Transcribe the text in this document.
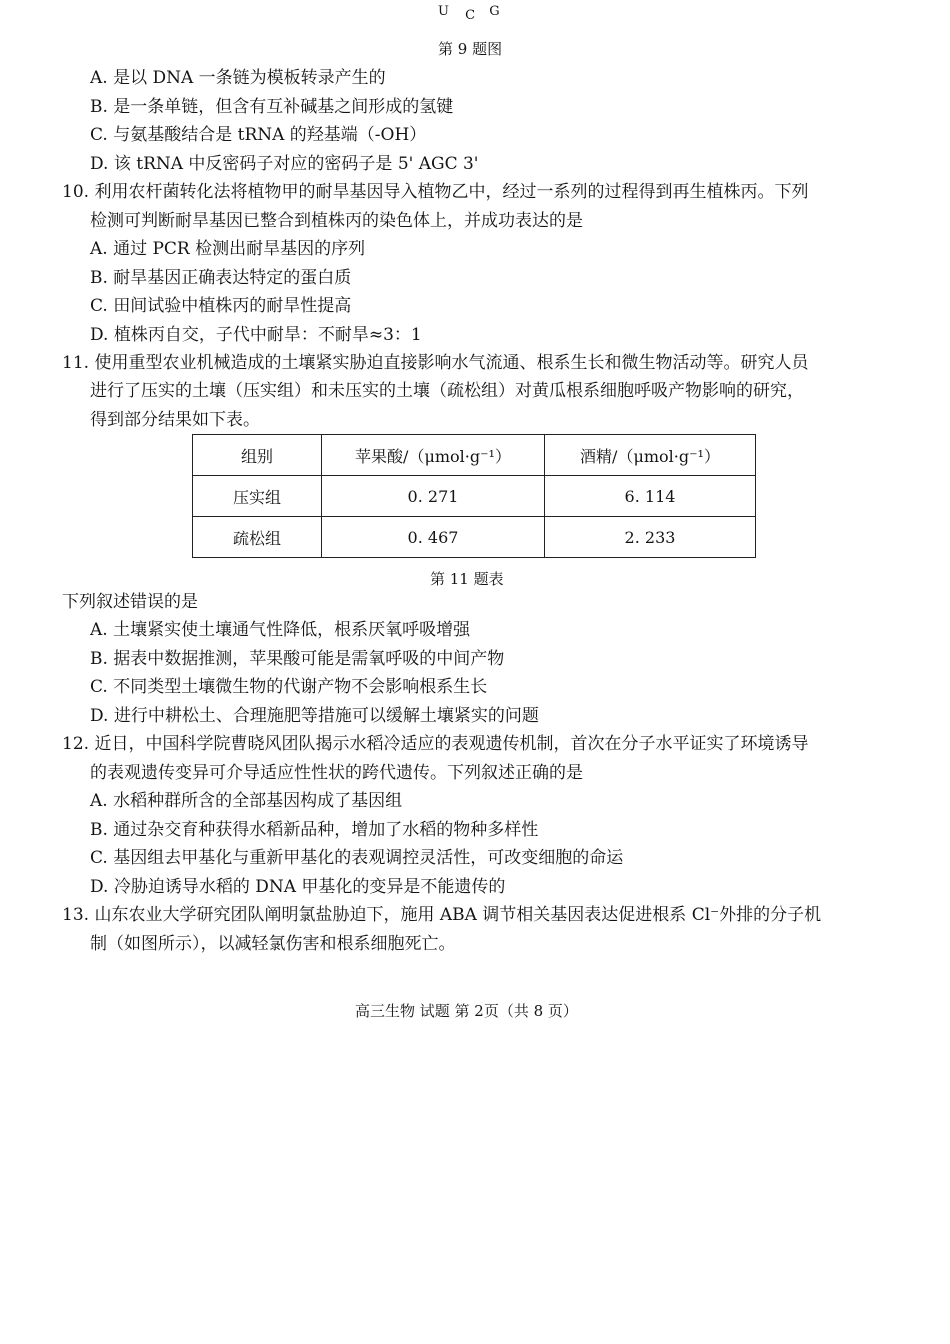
U C G
第 9 题图
A. 是以 DNA 一条链为模板转录产生的
B. 是一条单链，但含有互补碱基之间形成的氢键
C. 与氨基酸结合是 tRNA 的羟基端（-OH）
D. 该 tRNA 中反密码子对应的密码子是 5' AGC 3'
10. 利用农杆菌转化法将植物甲的耐旱基因导入植物乙中，经过一系列的过程得到再生植株丙。下列
检测可判断耐旱基因已整合到植株丙的染色体上，并成功表达的是
A. 通过 PCR 检测出耐旱基因的序列
B. 耐旱基因正确表达特定的蛋白质
C. 田间试验中植株丙的耐旱性提高
D. 植株丙自交，子代中耐旱：不耐旱≈3：1
11. 使用重型农业机械造成的土壤紧实胁迫直接影响水气流通、根系生长和微生物活动等。研究人员
进行了压实的土壤（压实组）和未压实的土壤（疏松组）对黄瓜根系细胞呼吸产物影响的研究，
得到部分结果如下表。
组别	苹果酸/（μmol·g⁻¹）	酒精/（μmol·g⁻¹）
压实组	0. 271	6. 114
疏松组	0. 467	2. 233
第 11 题表
下列叙述错误的是
A. 土壤紧实使土壤通气性降低，根系厌氧呼吸增强
B. 据表中数据推测，苹果酸可能是需氧呼吸的中间产物
C. 不同类型土壤微生物的代谢产物不会影响根系生长
D. 进行中耕松土、合理施肥等措施可以缓解土壤紧实的问题
12. 近日，中国科学院曹晓风团队揭示水稻冷适应的表观遗传机制，首次在分子水平证实了环境诱导
的表观遗传变异可介导适应性性状的跨代遗传。下列叙述正确的是
A. 水稻种群所含的全部基因构成了基因组
B. 通过杂交育种获得水稻新品种，增加了水稻的物种多样性
C. 基因组去甲基化与重新甲基化的表观调控灵活性，可改变细胞的命运
D. 冷胁迫诱导水稻的 DNA 甲基化的变异是不能遗传的
13. 山东农业大学研究团队阐明氯盐胁迫下，施用 ABA 调节相关基因表达促进根系 Cl⁻外排的分子机
制（如图所示），以减轻氯伤害和根系细胞死亡。
高三生物 试题 第 2页（共 8 页）
